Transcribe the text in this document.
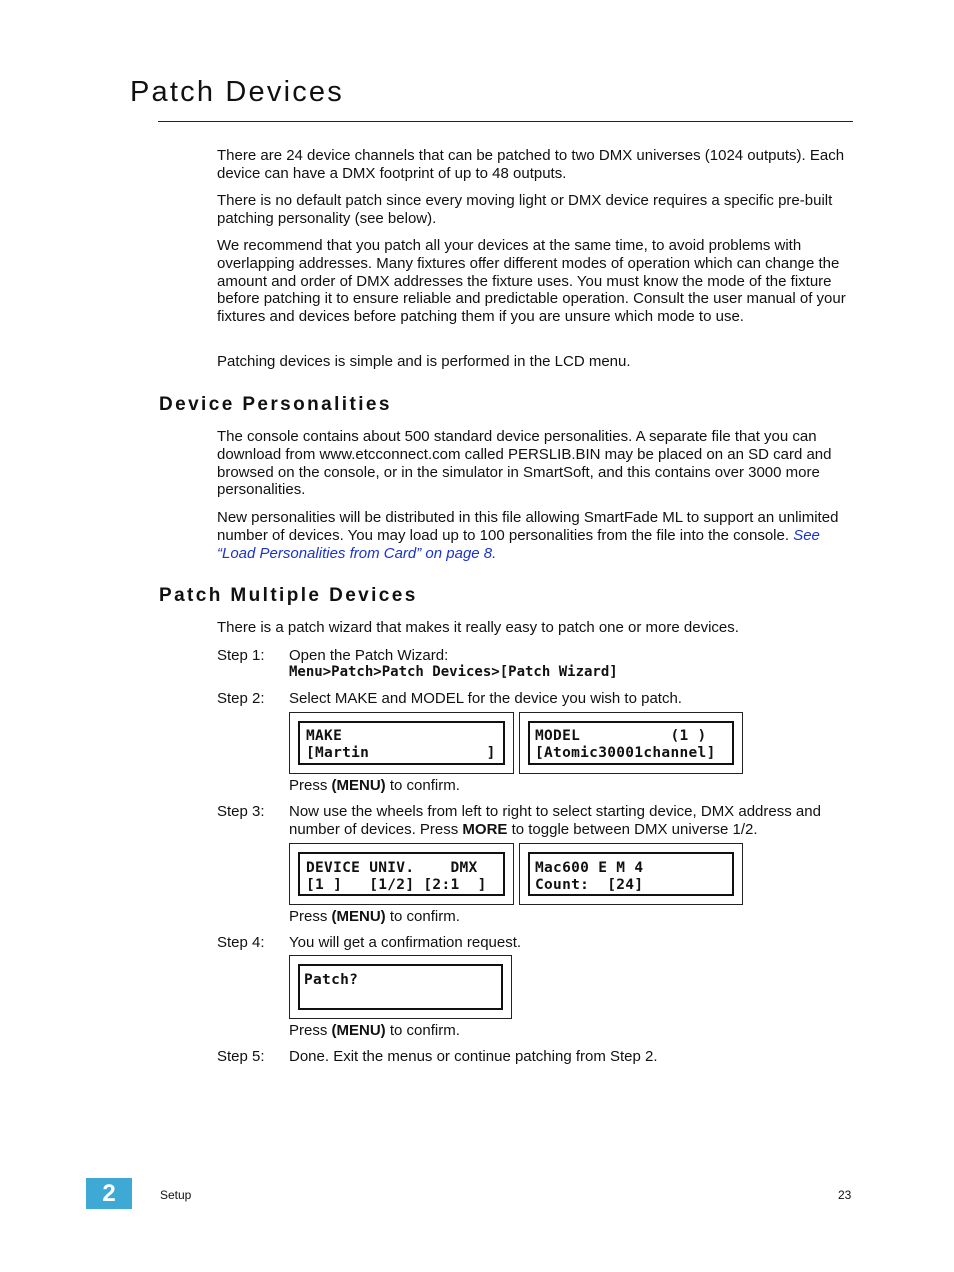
Patch Devices

There are 24 device channels that can be patched to two DMX universes (1024 outputs). Each device can have a DMX footprint of up to 48 outputs.

There is no default patch since every moving light or DMX device requires a specific pre-built patching personality (see below).

We recommend that you patch all your devices at the same time, to avoid problems with overlapping addresses. Many fixtures offer different modes of operation which can change the amount and order of DMX addresses the fixture uses. You must know the mode of the fixture before patching it to ensure reliable and predictable operation. Consult the user manual of your fixtures and devices before patching them if you are unsure which mode to use.

Patching devices is simple and is performed in the LCD menu.

Device Personalities

The console contains about 500 standard device personalities. A separate file that you can download from www.etcconnect.com called PERSLIB.BIN may be placed on an SD card and browsed on the console, or in the simulator in SmartSoft, and this contains over 3000 more personalities.

New personalities will be distributed in this file allowing SmartFade ML to support an unlimited number of devices. You may load up to 100 personalities from the file into the console. See “Load Personalities from Card” on page 8.

Patch Multiple Devices

There is a patch wizard that makes it really easy to patch one or more devices.

Step 1: Open the Patch Wizard:
Menu>Patch>Patch Devices>[Patch Wizard]
Step 2: Select MAKE and MODEL for the device you wish to patch.
MAKE
[Martin             ]
MODEL          (1 )
[Atomic30001channel]
Press (MENU) to confirm.
Step 3: Now use the wheels from left to right to select starting device, DMX address and number of devices. Press MORE to toggle between DMX universe 1/2.
DEVICE UNIV.    DMX
[1 ]   [1/2] [2:1  ]
Mac600 E M 4
Count:  [24]
Press (MENU) to confirm.
Step 4: You will get a confirmation request.
Patch?
Press (MENU) to confirm.
Step 5: Done. Exit the menus or continue patching from Step 2.
2	Setup	23
